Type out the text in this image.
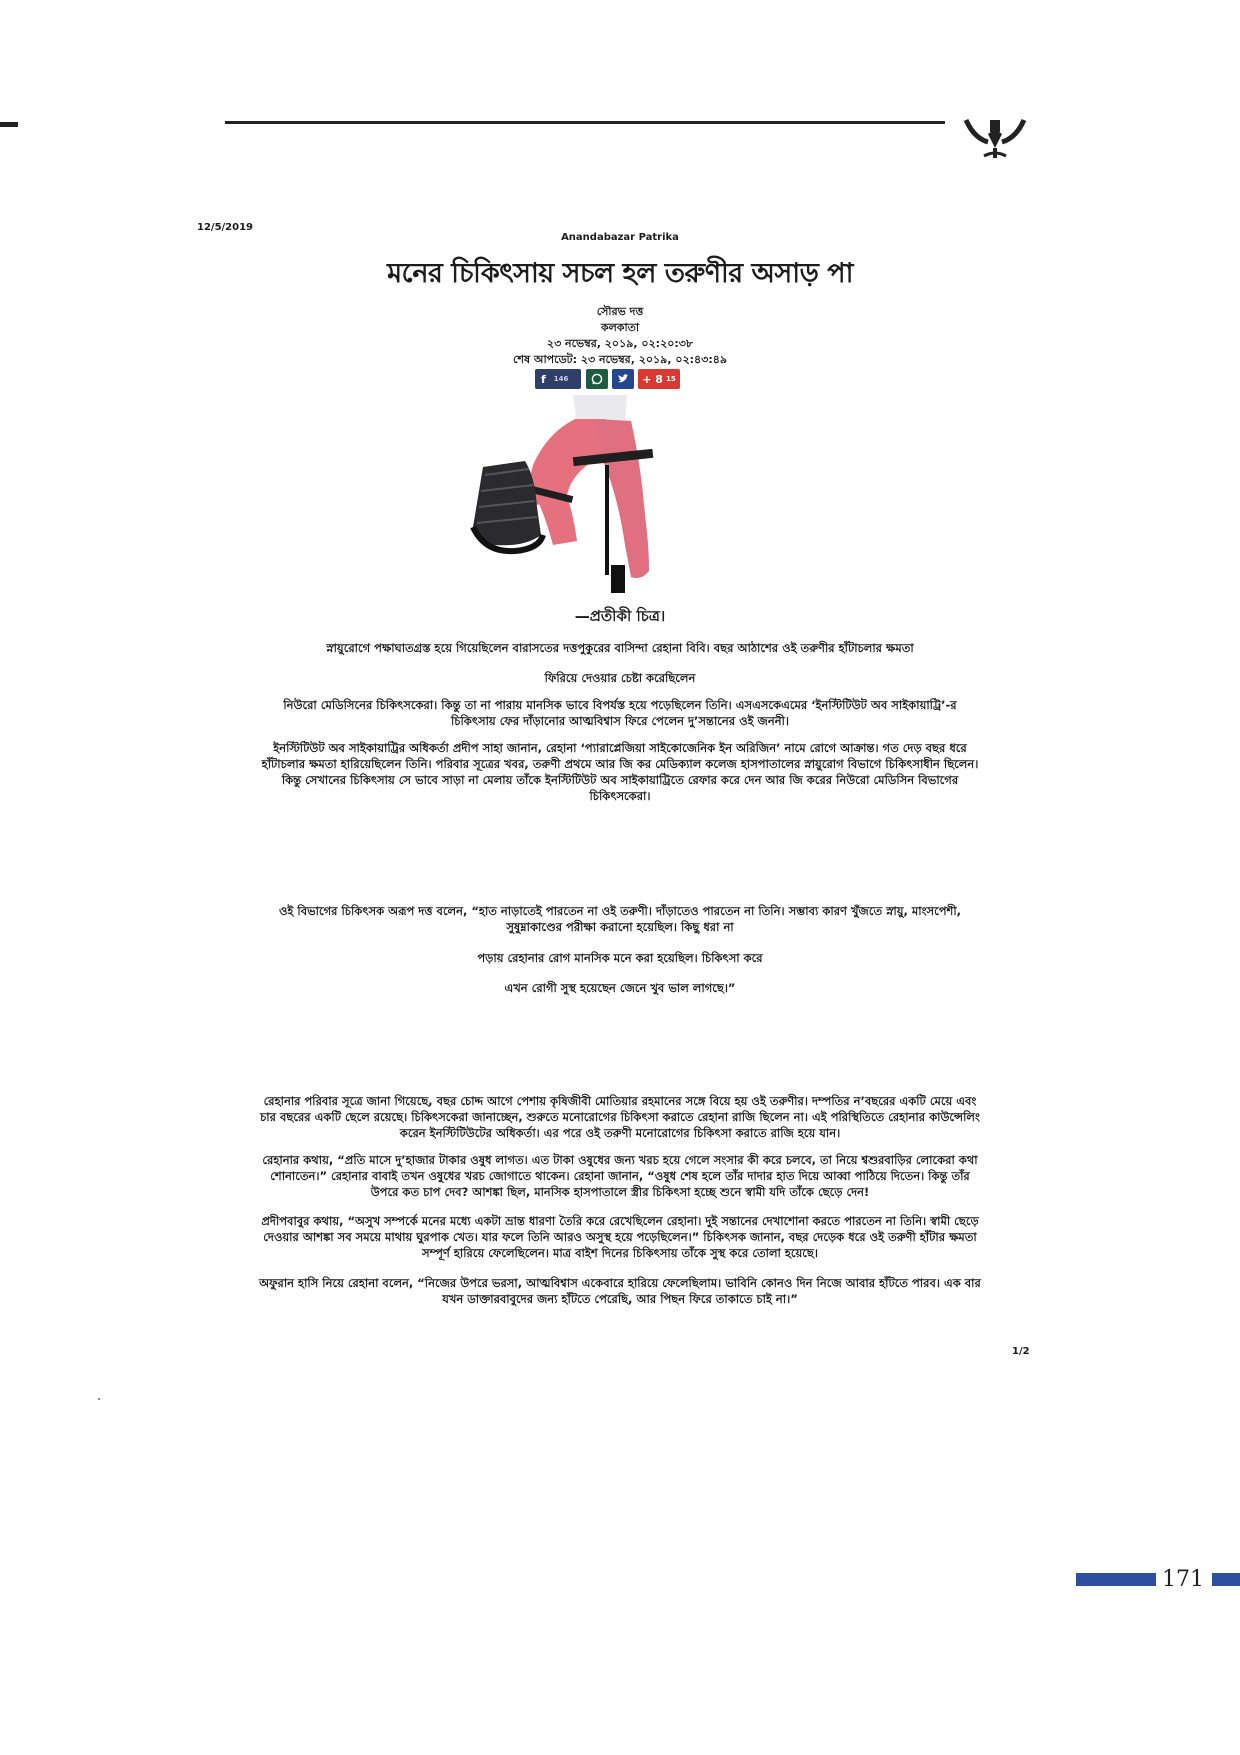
12/5/2019
Anandabazar Patrika
মনের চিকিৎসায় সচল হল তরুণীর অসাড় পা
সৌরভ দত্ত
কলকাতা
২৩ নভেম্বর, ২০১৯, ০২:২০:৩৮
শেষ আপডেট: ২৩ নভেম্বর, ২০১৯, ০২:৪৩:৪৯
f 146	+ 8 15
—প্রতীকী চিত্র।
স্নায়ুরোগে পক্ষাঘাতগ্রস্ত হয়ে গিয়েছিলেন বারাসতের দত্তপুকুরের বাসিন্দা রেহানা বিবি। বছর আঠাশের ওই তরুণীর হাঁটাচলার ক্ষমতা
ফিরিয়ে দেওয়ার চেষ্টা করেছিলেন
নিউরো মেডিসিনের চিকিৎসকেরা। কিন্তু তা না পারায় মানসিক ভাবে বিপর্যস্ত হয়ে পড়েছিলেন তিনি। এসএসকেএমের ‘ইনস্টিটিউট অব সাইকায়াট্রি’-র
চিকিৎসায় ফের দাঁড়ানোর আত্মবিশ্বাস ফিরে পেলেন দু’সন্তানের ওই জননী।
ইনস্টিটিউট অব সাইকায়াট্রির অধিকর্তা প্রদীপ সাহা জানান, রেহানা ‘প্যারাপ্লেজিয়া সাইকোজেনিক ইন অরিজিন’ নামে রোগে আক্রান্ত। গত দেড় বছর ধরে
হাঁটাচলার ক্ষমতা হারিয়েছিলেন তিনি। পরিবার সূত্রের খবর, তরুণী প্রথমে আর জি কর মেডিক্যাল কলেজ হাসপাতালের স্নায়ুরোগ বিভাগে চিকিৎসাধীন ছিলেন।
কিন্তু সেখানের চিকিৎসায় সে ভাবে সাড়া না মেলায় তাঁকে ইনস্টিটিউট অব সাইকায়াট্রিতে রেফার করে দেন আর জি করের নিউরো মেডিসিন বিভাগের
চিকিৎসকেরা।
ওই বিভাগের চিকিৎসক অরূপ দত্ত বলেন, “হাত নাড়াতেই পারতেন না ওই তরুণী। দাঁড়াতেও পারতেন না তিনি। সম্ভাব্য কারণ খুঁজতে স্নায়ু, মাংসপেশী,
সুষুম্নাকাণ্ডের পরীক্ষা করানো হয়েছিল। কিছু ধরা না
পড়ায় রেহানার রোগ মানসিক মনে করা হয়েছিল। চিকিৎসা করে
এখন রোগী সুস্থ হয়েছেন জেনে খুব ভাল লাগছে।”
রেহানার পরিবার সূত্রে জানা গিয়েছে, বছর চোদ্দ আগে পেশায় কৃষিজীবী মোতিয়ার রহমানের সঙ্গে বিয়ে হয় ওই তরুণীর। দম্পতির ন’বছরের একটি মেয়ে এবং
চার বছরের একটি ছেলে রয়েছে। চিকিৎসকেরা জানাচ্ছেন, শুরুতে মনোরোগের চিকিৎসা করাতে রেহানা রাজি ছিলেন না। এই পরিস্থিতিতে রেহানার কাউন্সেলিং
করেন ইনস্টিটিউটের অধিকর্তা। এর পরে ওই তরুণী মনোরোগের চিকিৎসা করাতে রাজি হয়ে যান।
রেহানার কথায়, “প্রতি মাসে দু’হাজার টাকার ওষুধ লাগত। এত টাকা ওষুধের জন্য খরচ হয়ে গেলে সংসার কী করে চলবে, তা নিয়ে শ্বশুরবাড়ির লোকেরা কথা
শোনাতেন।” রেহানার বাবাই তখন ওষুধের খরচ জোগাতে থাকেন। রেহানা জানান, “ওষুধ শেষ হলে তাঁর দাদার হাত দিয়ে আব্বা পাঠিয়ে দিতেন। কিন্তু তাঁর
উপরে কত চাপ দেব? আশঙ্কা ছিল, মানসিক হাসপাতালে স্ত্রীর চিকিৎসা হচ্ছে শুনে স্বামী যদি তাঁকে ছেড়ে দেন!
প্রদীপবাবুর কথায়, “অসুখ সম্পর্কে মনের মধ্যে একটা ভ্রান্ত ধারণা তৈরি করে রেখেছিলেন রেহানা। দুই সন্তানের দেখাশোনা করতে পারতেন না তিনি। স্বামী ছেড়ে
দেওয়ার আশঙ্কা সব সময়ে মাথায় ঘুরপাক খেত। যার ফলে তিনি আরও অসুস্থ হয়ে পড়েছিলেন।” চিকিৎসক জানান, বছর দেড়েক ধরে ওই তরুণী হাঁটার ক্ষমতা
সম্পূর্ণ হারিয়ে ফেলেছিলেন। মাত্র বাইশ দিনের চিকিৎসায় তাঁকে সুস্থ করে তোলা হয়েছে।
অফুরান হাসি নিয়ে রেহানা বলেন, “নিজের উপরে ভরসা, আত্মবিশ্বাস একেবারে হারিয়ে ফেলেছিলাম। ভাবিনি কোনও দিন নিজে আবার হাঁটতে পারব। এক বার
যখন ডাক্তারবাবুদের জন্য হাঁটতে পেরেছি, আর পিছন ফিরে তাকাতে চাই না।”
1/2
171
